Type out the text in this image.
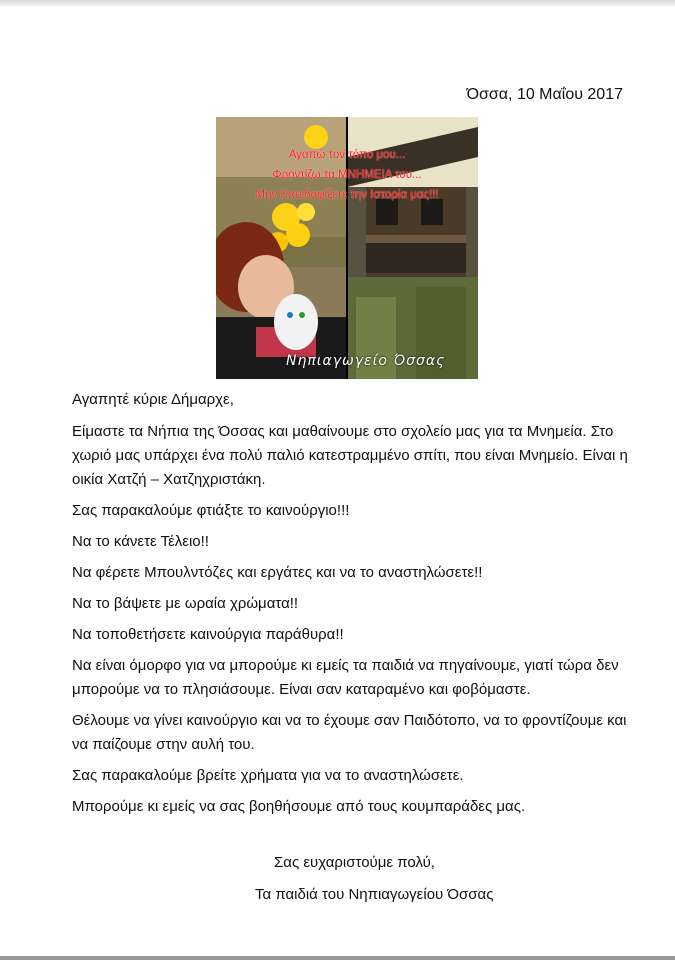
Όσσα, 10 Μαΐου 2017
Αγαπώ τον τόπο μου...
Φροντίζω τα ΜΝΗΜΕΙΑ του...
Μην Κατεδαφίζετε την Ιστορία μας!!!
Νηπιαγωγείο Όσσας
Αγαπητέ κύριε Δήμαρχε,
Είμαστε τα Νήπια της Όσσας και μαθαίνουμε στο σχολείο μας για τα Μνημεία. Στο χωριό μας υπάρχει ένα πολύ παλιό κατεστραμμένο σπίτι, που είναι Μνημείο. Είναι η οικία Χατζή – Χατζηχριστάκη.
Σας παρακαλούμε φτιάξτε το καινούργιο!!!
Να το κάνετε Τέλειο!!
Να φέρετε Μπουλντόζες και εργάτες και να το αναστηλώσετε!!
Να το βάψετε με ωραία χρώματα!!
Να τοποθετήσετε καινούργια παράθυρα!!
Να είναι όμορφο για να μπορούμε κι εμείς τα παιδιά να πηγαίνουμε, γιατί τώρα δεν μπορούμε να το πλησιάσουμε. Είναι σαν καταραμένο και φοβόμαστε.
Θέλουμε να γίνει καινούργιο και να το έχουμε σαν Παιδότοπο, να το φροντίζουμε και να παίζουμε στην αυλή του.
Σας παρακαλούμε βρείτε χρήματα για να το αναστηλώσετε.
Μπορούμε κι εμείς να σας βοηθήσουμε από τους κουμπαράδες μας.
Σας ευχαριστούμε πολύ,
Τα παιδιά του Νηπιαγωγείου Όσσας
